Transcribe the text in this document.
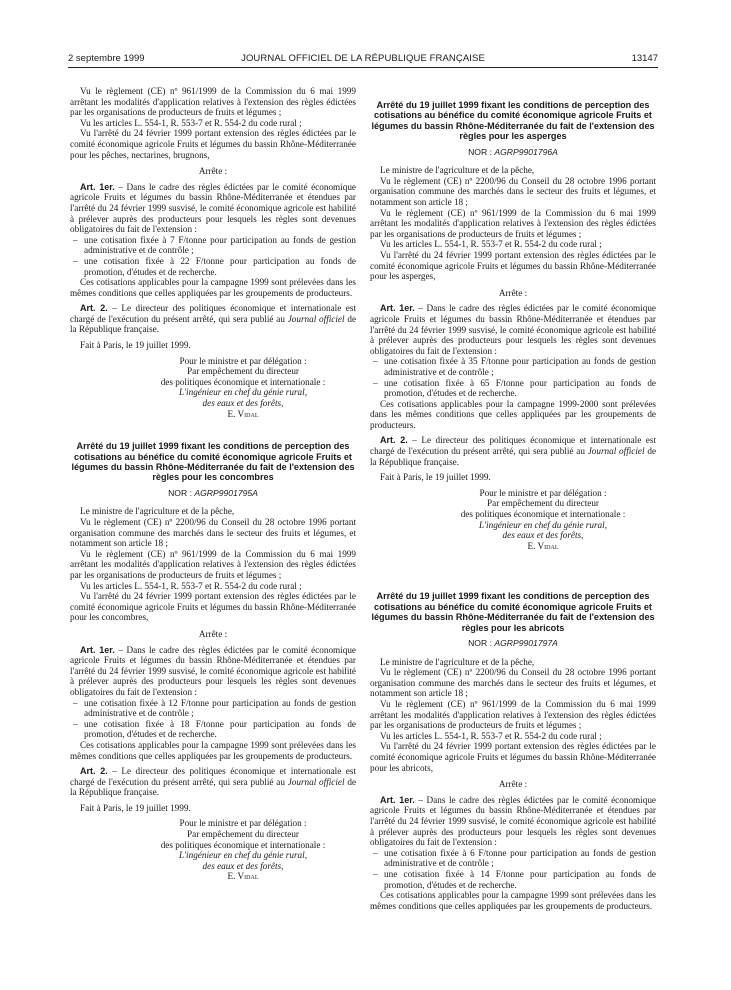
2 septembre 1999	JOURNAL OFFICIEL DE LA RÉPUBLIQUE FRANÇAISE	13147

Vu le règlement (CE) nº 961/1999 de la Commission du 6 mai 1999 arrêtant les modalités d'application relatives à l'extension des règles édictées par les organisations de producteurs de fruits et légumes ;

Vu les articles L. 554-1, R. 553-7 et R. 554-2 du code rural ;

Vu l'arrêté du 24 février 1999 portant extension des règles édictées par le comité économique agricole Fruits et légumes du bassin Rhône-Méditerranée pour les pêches, nectarines, brugnons,

Arrête :

Art. 1er. – Dans le cadre des règles édictées par le comité économique agricole Fruits et légumes du bassin Rhône-Méditerranée et étendues par l'arrêté du 24 février 1999 susvisé, le comité économique agricole est habilité à prélever auprès des producteurs pour lesquels les règles sont devenues obligatoires du fait de l'extension :

– une cotisation fixée à 7 F/tonne pour participation au fonds de gestion administrative et de contrôle ;

– une cotisation fixée à 22 F/tonne pour participation au fonds de promotion, d'études et de recherche.

Ces cotisations applicables pour la campagne 1999 sont prélevées dans les mêmes conditions que celles appliquées par les groupements de producteurs.

Art. 2. – Le directeur des politiques économique et internationale est chargé de l'exécution du présent arrêté, qui sera publié au Journal officiel de la République française.

Fait à Paris, le 19 juillet 1999.

Pour le ministre et par délégation :

Par empêchement du directeur

des politiques économique et internationale :

L'ingénieur en chef du génie rural,

des eaux et des forêts,

E. Vidal

Arrêté du 19 juillet 1999 fixant les conditions de perception des cotisations au bénéfice du comité économique agricole Fruits et légumes du bassin Rhône-Méditerranée du fait de l'extension des règles pour les concombres

NOR : AGRP9901795A

Le ministre de l'agriculture et de la pêche,

Vu le règlement (CE) nº 2200/96 du Conseil du 28 octobre 1996 portant organisation commune des marchés dans le secteur des fruits et légumes, et notamment son article 18 ;

Vu le règlement (CE) nº 961/1999 de la Commission du 6 mai 1999 arrêtant les modalités d'application relatives à l'extension des règles édictées par les organisations de producteurs de fruits et légumes ;

Vu les articles L. 554-1, R. 553-7 et R. 554-2 du code rural ;

Vu l'arrêté du 24 février 1999 portant extension des règles édictées par le comité économique agricole Fruits et légumes du bassin Rhône-Méditerranée pour les concombres,

Arrête :

Art. 1er. – Dans le cadre des règles édictées par le comité économique agricole Fruits et légumes du bassin Rhône-Méditerranée et étendues par l'arrêté du 24 février 1999 susvisé, le comité économique agricole est habilité à prélever auprès des producteurs pour lesquels les règles sont devenues obligatoires du fait de l'extension :

– une cotisation fixée à 12 F/tonne pour participation au fonds de gestion administrative et de contrôle ;

– une cotisation fixée à 18 F/tonne pour participation au fonds de promotion, d'études et de recherche.

Ces cotisations applicables pour la campagne 1999 sont prélevées dans les mêmes conditions que celles appliquées par les groupements de producteurs.

Art. 2. – Le directeur des politiques économique et internationale est chargé de l'exécution du présent arrêté, qui sera publié au Journal officiel de la République française.

Fait à Paris, le 19 juillet 1999.

Pour le ministre et par délégation :

Par empêchement du directeur

des politiques économique et internationale :

L'ingénieur en chef du génie rural,

des eaux et des forêts,

E. Vidal

Arrêté du 19 juillet 1999 fixant les conditions de perception des cotisations au bénéfice du comité économique agricole Fruits et légumes du bassin Rhône-Méditerranée du fait de l'extension des règles pour les asperges

NOR : AGRP9901796A

Le ministre de l'agriculture et de la pêche,

Vu le règlement (CE) nº 2200/96 du Conseil du 28 octobre 1996 portant organisation commune des marchés dans le secteur des fruits et légumes, et notamment son article 18 ;

Vu le règlement (CE) nº 961/1999 de la Commission du 6 mai 1999 arrêtant les modalités d'application relatives à l'extension des règles édictées par les organisations de producteurs de fruits et légumes ;

Vu les articles L. 554-1, R. 553-7 et R. 554-2 du code rural ;

Vu l'arrêté du 24 février 1999 portant extension des règles édictées par le comité économique agricole Fruits et légumes du bassin Rhône-Méditerranée pour les asperges,

Arrête :

Art. 1er. – Dans le cadre des règles édictées par le comité économique agricole Fruits et légumes du bassin Rhône-Méditerranée et étendues par l'arrêté du 24 février 1999 susvisé, le comité économique agricole est habilité à prélever auprès des producteurs pour lesquels les règles sont devenues obligatoires du fait de l'extension :

– une cotisation fixée à 35 F/tonne pour participation au fonds de gestion administrative et de contrôle ;

– une cotisation fixée à 65 F/tonne pour participation au fonds de promotion, d'études et de recherche.

Ces cotisations applicables pour la campagne 1999-2000 sont prélevées dans les mêmes conditions que celles appliquées par les groupements de producteurs.

Art. 2. – Le directeur des politiques économique et internationale est chargé de l'exécution du présent arrêté, qui sera publié au Journal officiel de la République française.

Fait à Paris, le 19 juillet 1999.

Pour le ministre et par délégation :

Par empêchement du directeur

des politiques économique et internationale :

L'ingénieur en chef du génie rural,

des eaux et des forêts,

E. Vidal

Arrêté du 19 juillet 1999 fixant les conditions de perception des cotisations au bénéfice du comité économique agricole Fruits et légumes du bassin Rhône-Méditerranée du fait de l'extension des règles pour les abricots

NOR : AGRP9901797A

Le ministre de l'agriculture et de la pêche,

Vu le règlement (CE) nº 2200/96 du Conseil du 28 octobre 1996 portant organisation commune des marchés dans le secteur des fruits et légumes, et notamment son article 18 ;

Vu le règlement (CE) nº 961/1999 de la Commission du 6 mai 1999 arrêtant les modalités d'application relatives à l'extension des règles édictées par les organisations de producteurs de fruits et légumes ;

Vu les articles L. 554-1, R. 553-7 et R. 554-2 du code rural ;

Vu l'arrêté du 24 février 1999 portant extension des règles édictées par le comité économique agricole Fruits et légumes du bassin Rhône-Méditerranée pour les abricots,

Arrête :

Art. 1er. – Dans le cadre des règles édictées par le comité économique agricole Fruits et légumes du bassin Rhône-Méditerranée et étendues par l'arrêté du 24 février 1999 susvisé, le comité économique agricole est habilité à prélever auprès des producteurs pour lesquels les règles sont devenues obligatoires du fait de l'extension :

– une cotisation fixée à 6 F/tonne pour participation au fonds de gestion administrative et de contrôle ;

– une cotisation fixée à 14 F/tonne pour participation au fonds de promotion, d'études et de recherche.

Ces cotisations applicables pour la campagne 1999 sont prélevées dans les mêmes conditions que celles appliquées par les groupements de producteurs.
